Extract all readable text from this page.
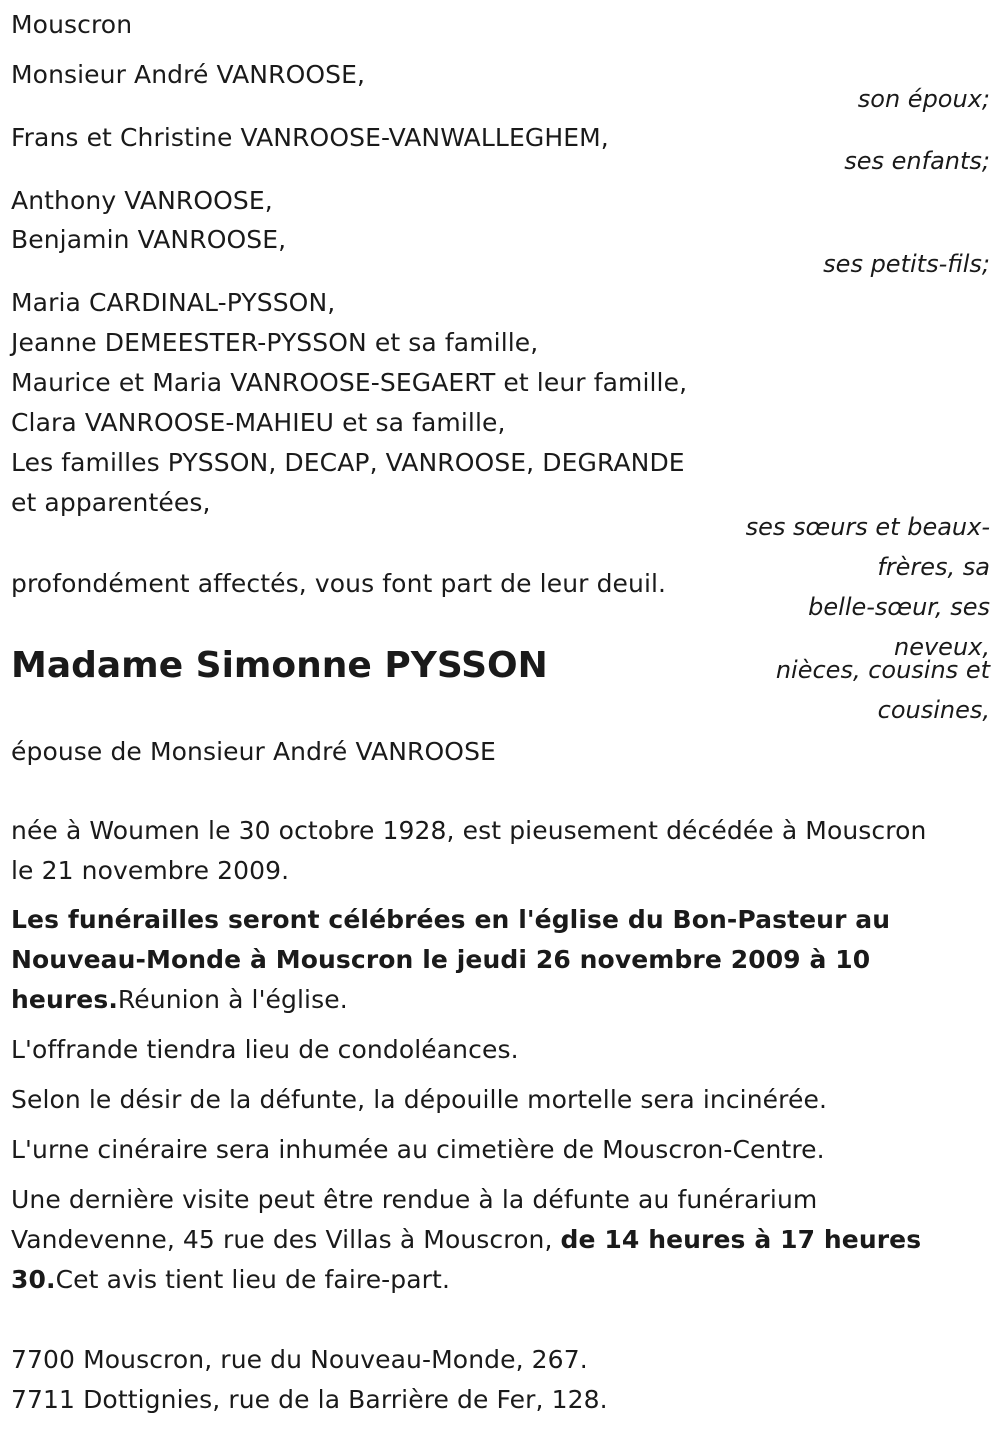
Mouscron
Monsieur André VANROOSE,
son époux;
Frans et Christine VANROOSE-VANWALLEGHEM,
ses enfants;
Anthony VANROOSE,
Benjamin VANROOSE,
ses petits-fils;
Maria CARDINAL-PYSSON,
Jeanne DEMEESTER-PYSSON et sa famille,
Maurice et Maria VANROOSE-SEGAERT et leur famille,
Clara VANROOSE-MAHIEU et sa famille,
Les familles PYSSON, DECAP, VANROOSE, DEGRANDE
et apparentées,
ses sœurs et beaux-
frères, sa
belle-sœur, ses
neveux,
nièces, cousins et
cousines,
profondément affectés, vous font part de leur deuil.
Madame Simonne PYSSON
épouse de Monsieur André VANROOSE
née à Woumen le 30 octobre 1928, est pieusement décédée à Mouscron
le 21 novembre 2009.
Les funérailles seront célébrées en l'église du Bon-Pasteur au
Nouveau-Monde à Mouscron le jeudi 26 novembre 2009 à 10
heures.Réunion à l'église.
L'offrande tiendra lieu de condoléances.
Selon le désir de la défunte, la dépouille mortelle sera incinérée.
L'urne cinéraire sera inhumée au cimetière de Mouscron-Centre.
Une dernière visite peut être rendue à la défunte au funérarium
Vandevenne, 45 rue des Villas à Mouscron, de 14 heures à 17 heures
30.Cet avis tient lieu de faire-part.
7700 Mouscron, rue du Nouveau-Monde, 267.
7711 Dottignies, rue de la Barrière de Fer, 128.
